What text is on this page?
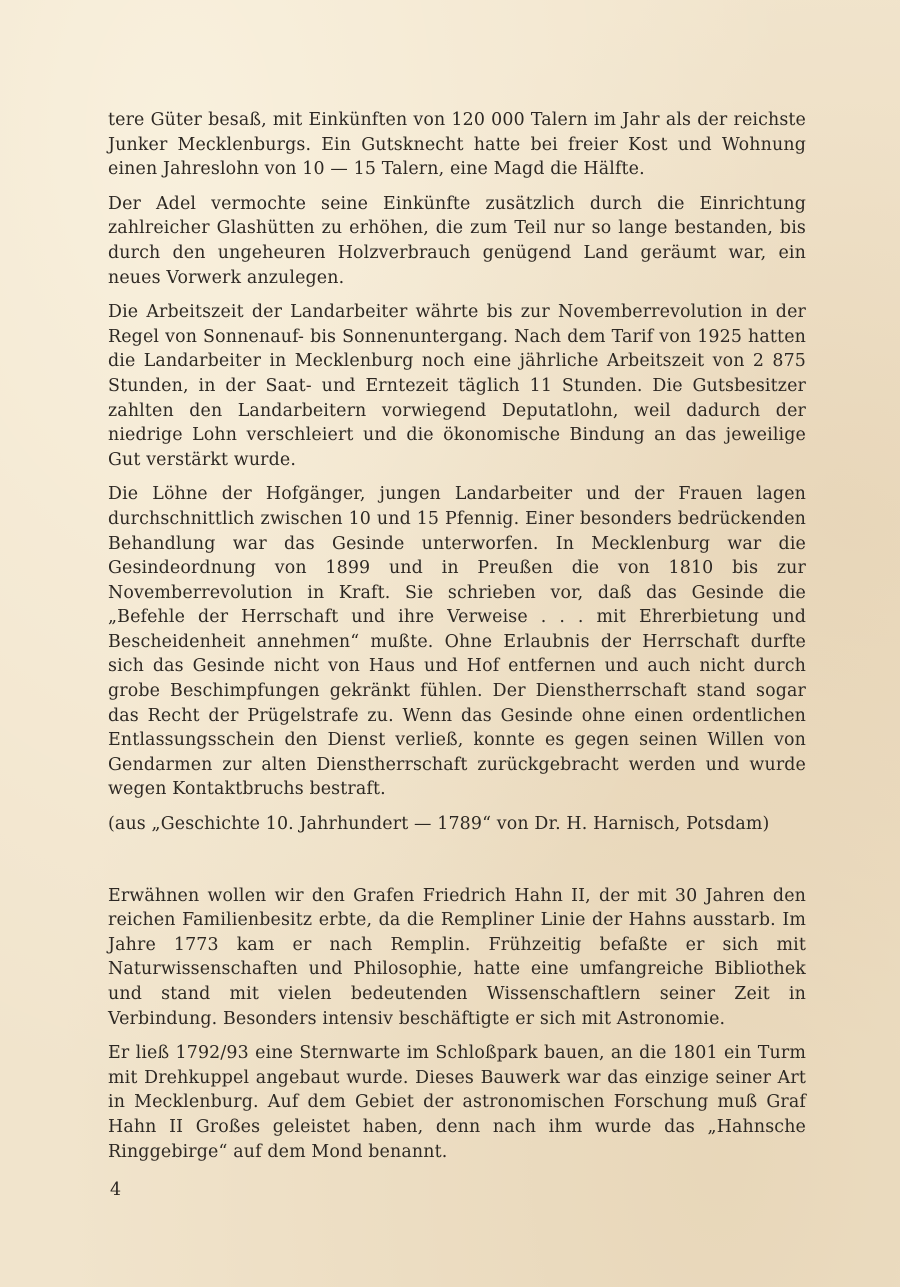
tere Güter besaß, mit Einkünften von 120 000 Talern im Jahr als der reichste Junker Mecklenburgs. Ein Gutsknecht hatte bei freier Kost und Wohnung einen Jahreslohn von 10 — 15 Talern, eine Magd die Hälfte.

Der Adel vermochte seine Einkünfte zusätzlich durch die Einrichtung zahlreicher Glashütten zu erhöhen, die zum Teil nur so lange bestanden, bis durch den ungeheuren Holzverbrauch genügend Land geräumt war, ein neues Vorwerk anzulegen.

Die Arbeitszeit der Landarbeiter währte bis zur Novemberrevolution in der Regel von Sonnenauf- bis Sonnenuntergang. Nach dem Tarif von 1925 hatten die Landarbeiter in Mecklenburg noch eine jährliche Arbeitszeit von 2 875 Stunden, in der Saat- und Erntezeit täglich 11 Stunden. Die Gutsbesitzer zahlten den Landarbeitern vorwiegend Deputatlohn, weil dadurch der niedrige Lohn verschleiert und die ökonomische Bindung an das jeweilige Gut verstärkt wurde.

Die Löhne der Hofgänger, jungen Landarbeiter und der Frauen lagen durchschnittlich zwischen 10 und 15 Pfennig. Einer besonders bedrückenden Behandlung war das Gesinde unterworfen. In Mecklenburg war die Gesindeordnung von 1899 und in Preußen die von 1810 bis zur Novemberrevolution in Kraft. Sie schrieben vor, daß das Gesinde die „Befehle der Herrschaft und ihre Verweise . . . mit Ehrerbietung und Bescheidenheit annehmen“ mußte. Ohne Erlaubnis der Herrschaft durfte sich das Gesinde nicht von Haus und Hof entfernen und auch nicht durch grobe Beschimpfungen gekränkt fühlen. Der Dienstherrschaft stand sogar das Recht der Prügelstrafe zu. Wenn das Gesinde ohne einen ordentlichen Entlassungsschein den Dienst verließ, konnte es gegen seinen Willen von Gendarmen zur alten Dienstherrschaft zurückgebracht werden und wurde wegen Kontaktbruchs bestraft.

(aus „Geschichte 10. Jahrhundert — 1789“ von Dr. H. Harnisch, Potsdam)

Erwähnen wollen wir den Grafen Friedrich Hahn II, der mit 30 Jahren den reichen Familienbesitz erbte, da die Rempliner Linie der Hahns ausstarb. Im Jahre 1773 kam er nach Remplin. Frühzeitig befaßte er sich mit Naturwissenschaften und Philosophie, hatte eine umfangreiche Bibliothek und stand mit vielen bedeutenden Wissenschaftlern seiner Zeit in Verbindung. Besonders intensiv beschäftigte er sich mit Astronomie.

Er ließ 1792/93 eine Sternwarte im Schloßpark bauen, an die 1801 ein Turm mit Drehkuppel angebaut wurde. Dieses Bauwerk war das einzige seiner Art in Mecklenburg. Auf dem Gebiet der astronomischen Forschung muß Graf Hahn II Großes geleistet haben, denn nach ihm wurde das „Hahnsche Ringgebirge“ auf dem Mond benannt.

4
